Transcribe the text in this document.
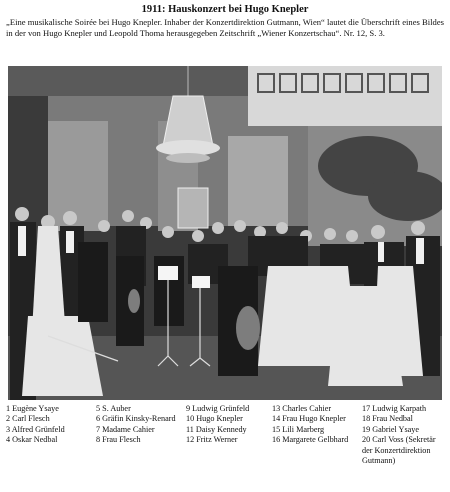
1911: Hauskonzert bei Hugo Knepler
„Eine musikalische Soirée bei Hugo Knepler. Inhaber der Konzertdirektion Gutmann, Wien“ lautet die Überschrift eines Bildes in der von Hugo Knepler und Leopold Thoma herausgegeben Zeitschrift „Wiener Konzertschau“. Nr. 12, S. 3.
1 Eugène Ysaye
2 Carl Flesch
3 Alfred Grünfeld
4 Oskar Nedbal
5 S. Auber
6 Gräfin Kinsky-Renard
7 Madame Cahier
8 Frau Flesch
9 Ludwig Grünfeld
10 Hugo Knepler
11 Daisy Kennedy
12 Fritz Werner
13 Charles Cahier
14 Frau Hugo Knepler
15 Lili Marberg
16 Margarete Gelbhard
17 Ludwig Karpath
18 Frau Nedbal
19 Gabriel Ysaye
20 Carl Voss (Sekretär der Konzertdirektion Gutmann)
